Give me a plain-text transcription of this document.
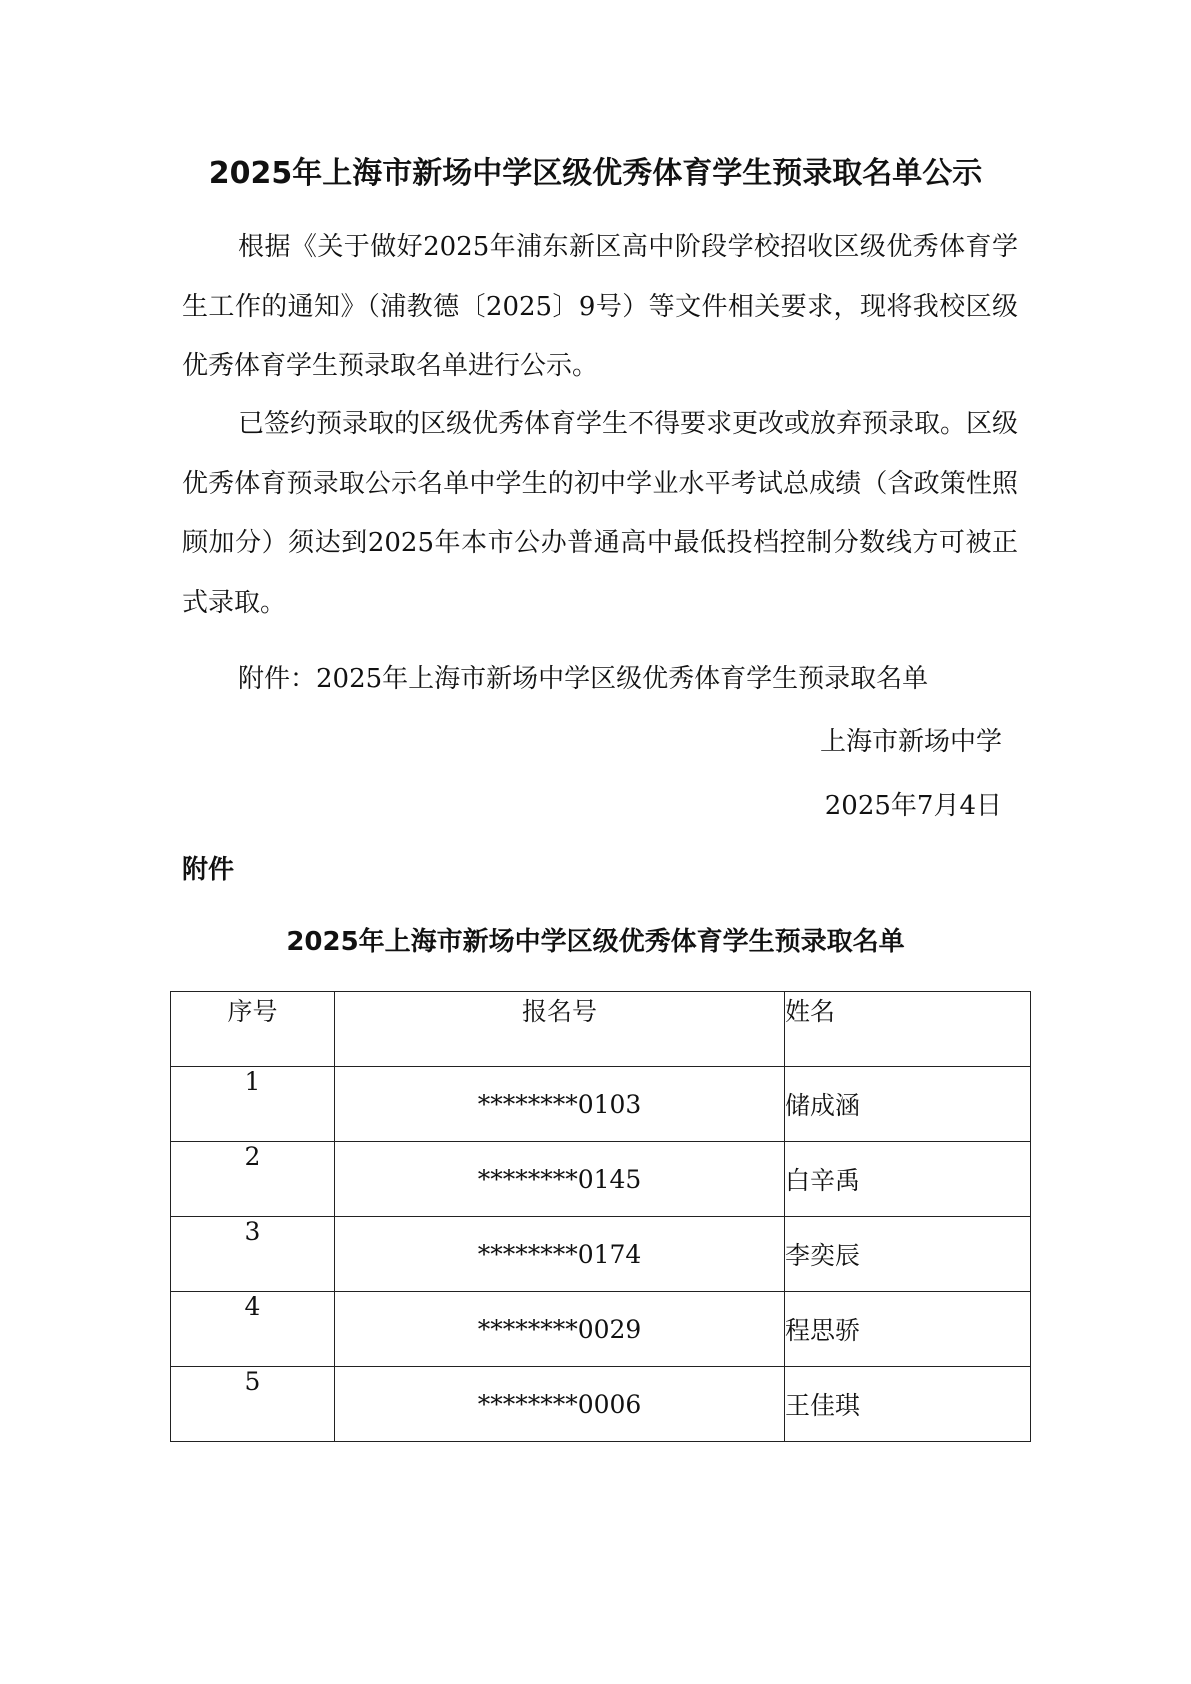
2025年上海市新场中学区级优秀体育学生预录取名单公示

根据《关于做好2025年浦东新区高中阶段学校招收区级优秀体育学生工作的通知》（浦教德〔2025〕9号）等文件相关要求，现将我校区级优秀体育学生预录取名单进行公示。

已签约预录取的区级优秀体育学生不得要求更改或放弃预录取。区级优秀体育预录取公示名单中学生的初中学业水平考试总成绩（含政策性照顾加分）须达到2025年本市公办普通高中最低投档控制分数线方可被正式录取。

附件：2025年上海市新场中学区级优秀体育学生预录取名单
上海市新场中学
2025年7月4日
附件
2025年上海市新场中学区级优秀体育学生预录取名单
序号	报名号	姓名
1	********0103	储成涵
2	********0145	白辛禹
3	********0174	李奕辰
4	********0029	程思骄
5	********0006	王佳琪
